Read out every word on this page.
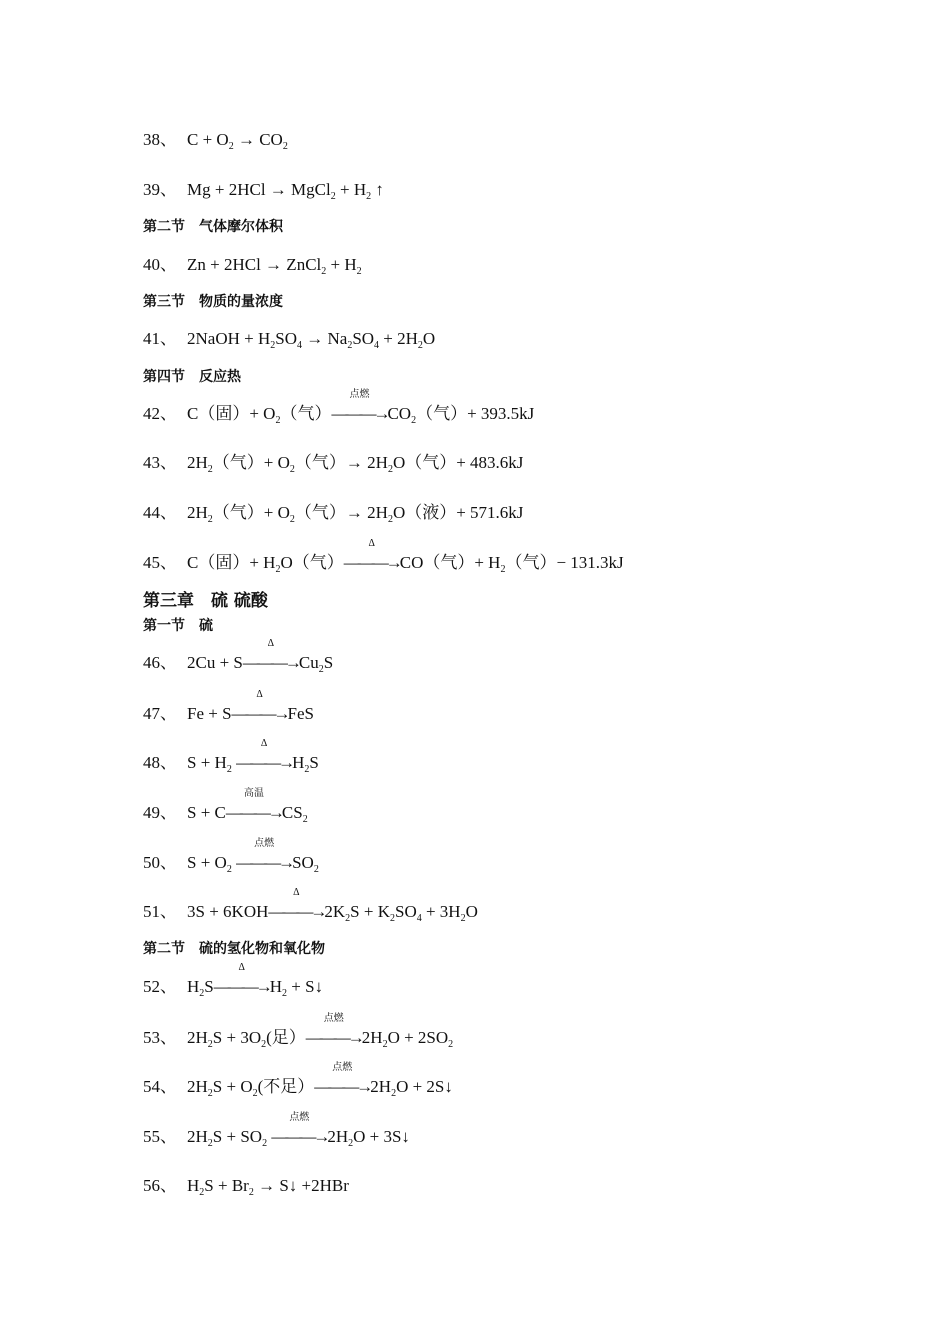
38、 $C + O_2 \to CO_2$
39、 Mg + 2HCl → MgCl$_2$ + $H_2$ ↑
第二节　气体摩尔体积
40、 Zn + 2HCl → ZnCl$_2$ + $H_2$
第三节　物质的量浓度
41、 2NaOH + $H_2SO_4 \to Na_2SO_4 + 2H_2O$
第四节　反应热
42、 C（固）+ $O_2$（气）
点燃
$———\to CO_2$（气）+ 393.5kJ
43、 $2H_2$（气）+ $O_2$（气）→ $2H_2O$（气）+ 483.6kJ
44、 $2H_2$（气）+ $O_2$（气）→ $2H_2O$（液）+ 571.6kJ
45、 C（固）+ $H_2O$（气）
Δ
———→CO（气）+ $H_2$（气）− 131.3kJ
第三章　硫 硫酸
第一节　硫
46、 2Cu + S
Δ
$———\to Cu_2S$
47、 Fe + S
Δ
———→FeS
48、 $S + H_2$
Δ
$———\to H_2S$
49、 S + C
高温
$———\to CS_2$
50、 $S + O_2$
点燃
$———\to SO_2$
51、 3S + 6KOH
Δ
$———\to 2K_2S + K_2SO_4 + 3H_2O$
第二节　硫的氢化物和氧化物
52、 $H_2S$
Δ
$———\to H_2$ + S↓
53、 $2H_2S + 3O_2$(足）
点燃
$———\to 2H_2O + 2SO_2$
54、 $2H_2S + O_2$(不足）
点燃
$———\to 2H_2O$ + 2S↓
55、 $2H_2S + SO_2$
点燃
$———\to 2H_2O$ + 3S↓
56、 $H_2S + Br_2$ → S↓ +2HBr
